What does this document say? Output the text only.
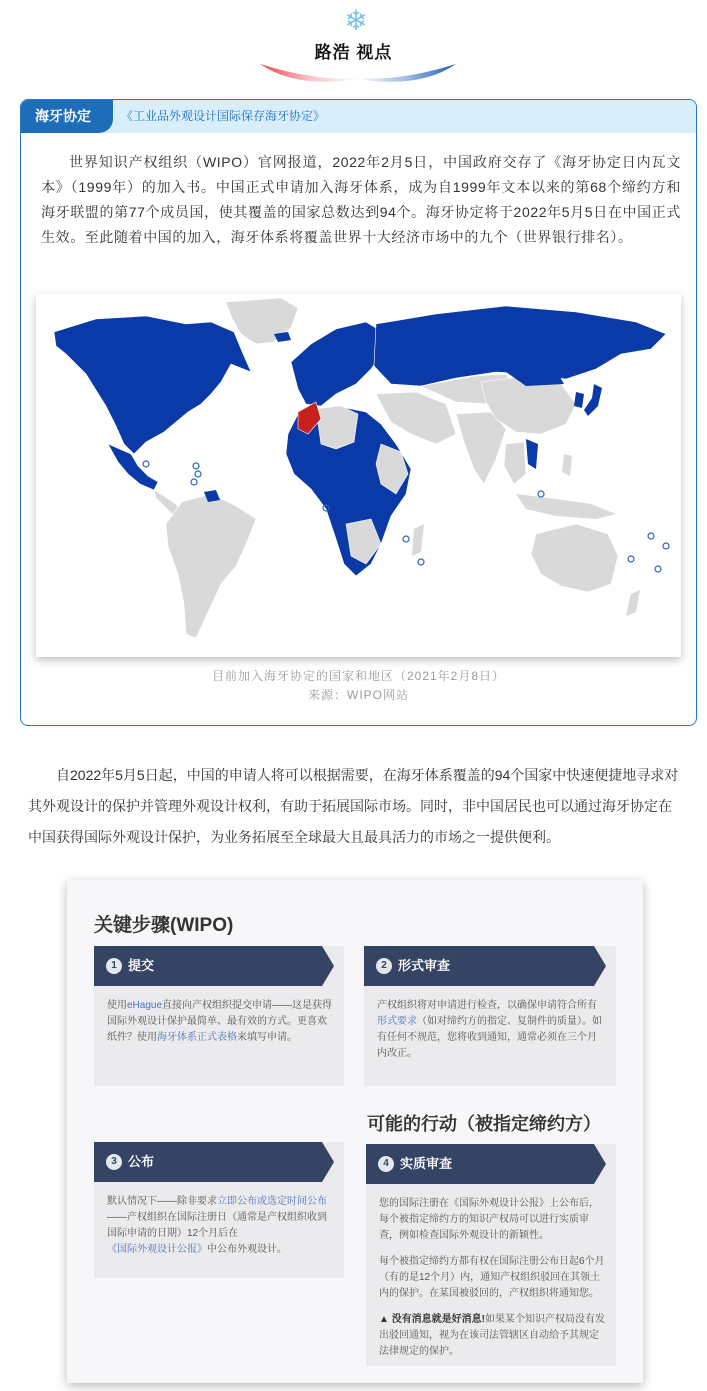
❄
路浩 视点
海牙协定	《工业品外观设计国际保存海牙协定》

世界知识产权组织（WIPO）官网报道，2022年2月5日，中国政府交存了《海牙协定日内瓦文本》（1999年）的加入书。中国正式申请加入海牙体系，成为自1999年文本以来的第68个缔约方和海牙联盟的第77个成员国，使其覆盖的国家总数达到94个。海牙协定将于2022年5月5日在中国正式生效。至此随着中国的加入，海牙体系将覆盖世界十大经济市场中的九个（世界银行排名）。

目前加入海牙协定的国家和地区（2021年2月8日）
来源：WIPO网站

自2022年5月5日起，中国的申请人将可以根据需要，在海牙体系覆盖的94个国家中快速便捷地寻求对其外观设计的保护并管理外观设计权利，有助于拓展国际市场。同时，非中国居民也可以通过海牙协定在中国获得国际外观设计保护，为业务拓展至全球最大且最具活力的市场之一提供便利。

关键步骤(WIPO)
可能的行动（被指定缔约方）
1 提交
使用eHague直接向产权组织提交申请——这是获得国际外观设计保护最简单、最有效的方式。更喜欢纸件？使用海牙体系正式表格来填写申请。
2 形式审查
产权组织将对申请进行检查，以确保申请符合所有形式要求（如对缔约方的指定、复制件的质量）。如有任何不规范，您将收到通知，通常必须在三个月内改正。
3 公布
默认情况下——除非要求立即公布或选定时间公布——产权组织在国际注册日（通常是产权组织收到国际申请的日期）12个月后在《国际外观设计公报》中公布外观设计。
4 实质审查

您的国际注册在《国际外观设计公报》上公布后，每个被指定缔约方的知识产权局可以进行实质审查，例如检查国际外观设计的新颖性。

每个被指定缔约方都有权在国际注册公布日起6个月（有的是12个月）内，通知产权组织驳回在其领土内的保护。在某国被驳回的，产权组织将通知您。

▲ 没有消息就是好消息!如果某个知识产权局没有发出驳回通知，视为在该司法管辖区自动给予其规定法律规定的保护。
